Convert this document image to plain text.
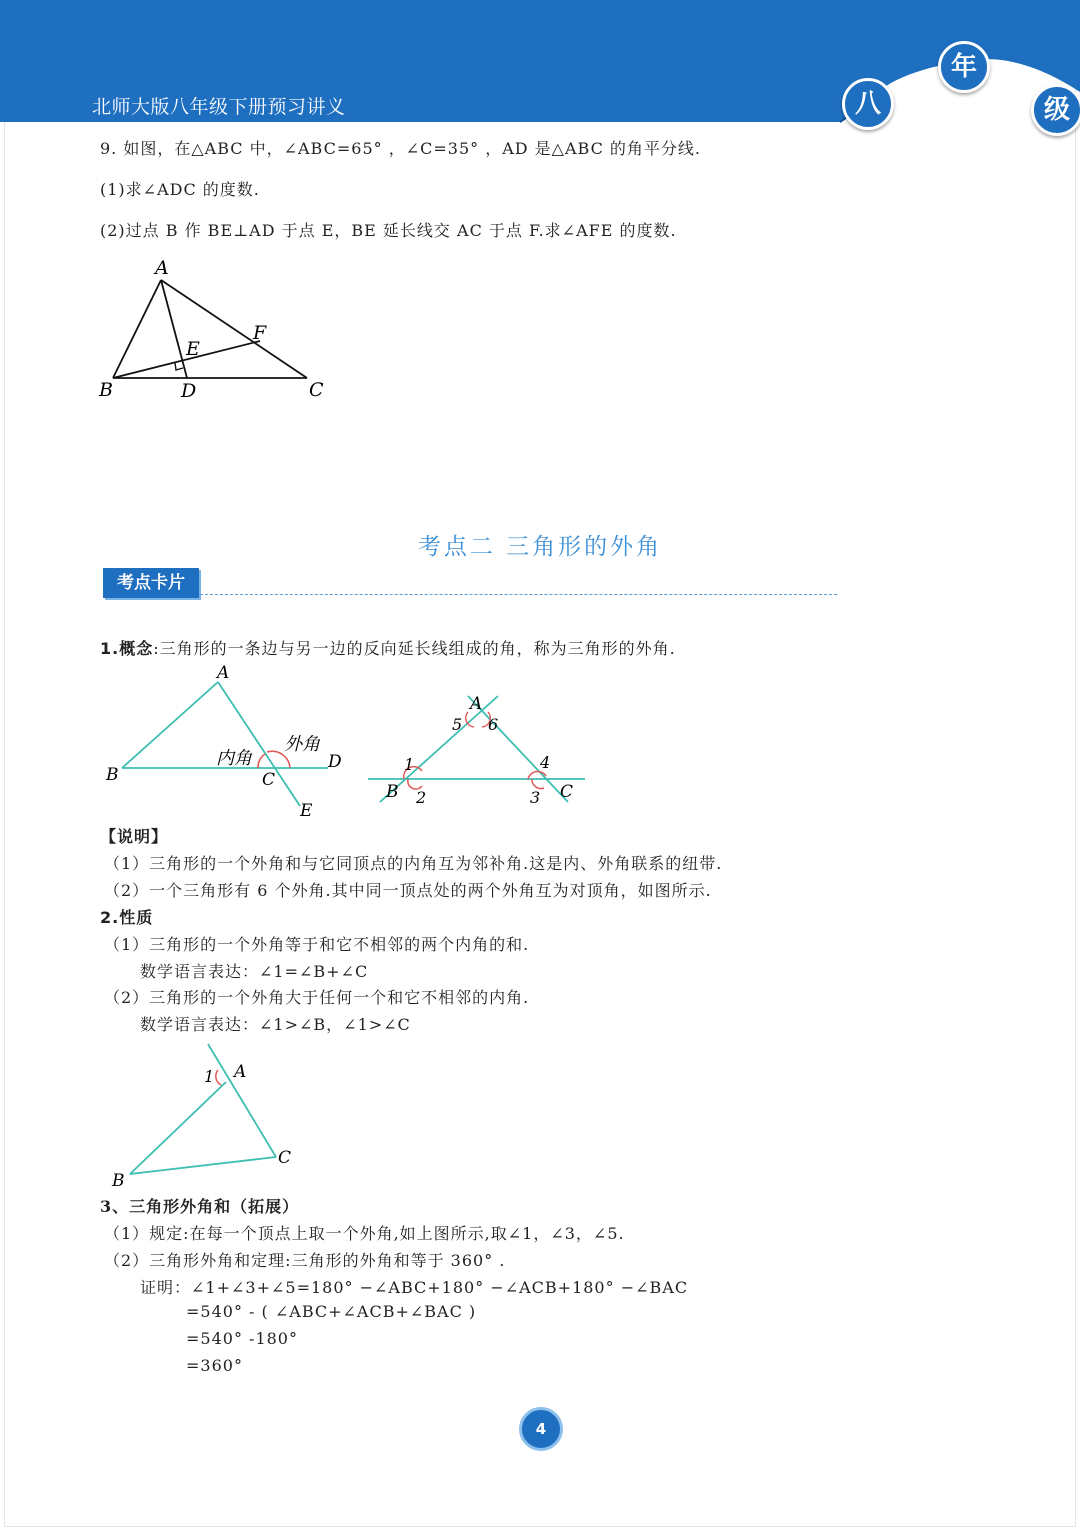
北师大版八年级下册预习讲义	八
年
级
9. 如图，在△ABC 中，∠ABC=65° ，∠C=35° ，AD 是△ABC 的角平分线.
(1)求∠ADC 的度数.
(2)过点 B 作 BE⊥AD 于点 E，BE 延长线交 AC 于点 F.求∠AFE 的度数.
A
B	C
D
E
F
考点二 三角形的外角
考点卡片
1.概念:三角形的一条边与另一边的反向延长线组成的角，称为三角形的外角.
A
B	C
D
E
内角
外角
A
B	C
1
2	3
4
5 6
【说明】
（1）三角形的一个外角和与它同顶点的内角互为邻补角.这是内、外角联系的纽带.
（2）一个三角形有 6 个外角.其中同一顶点处的两个外角互为对顶角，如图所示.
2.性质
（1）三角形的一个外角等于和它不相邻的两个内角的和.
数学语言表达：∠1=∠B+∠C
（2）三角形的一个外角大于任何一个和它不相邻的内角.
数学语言表达：∠1>∠B，∠1>∠C
A
B
C
1
3、三角形外角和（拓展）
（1）规定:在每一个顶点上取一个外角,如上图所示,取∠1，∠3，∠5.
（2）三角形外角和定理:三角形的外角和等于 360° .
证明：∠1+∠3+∠5=180° −∠ABC+180° −∠ACB+180° −∠BAC
=540° - ( ∠ABC+∠ACB+∠BAC )
=540° -180°
=360°
4
